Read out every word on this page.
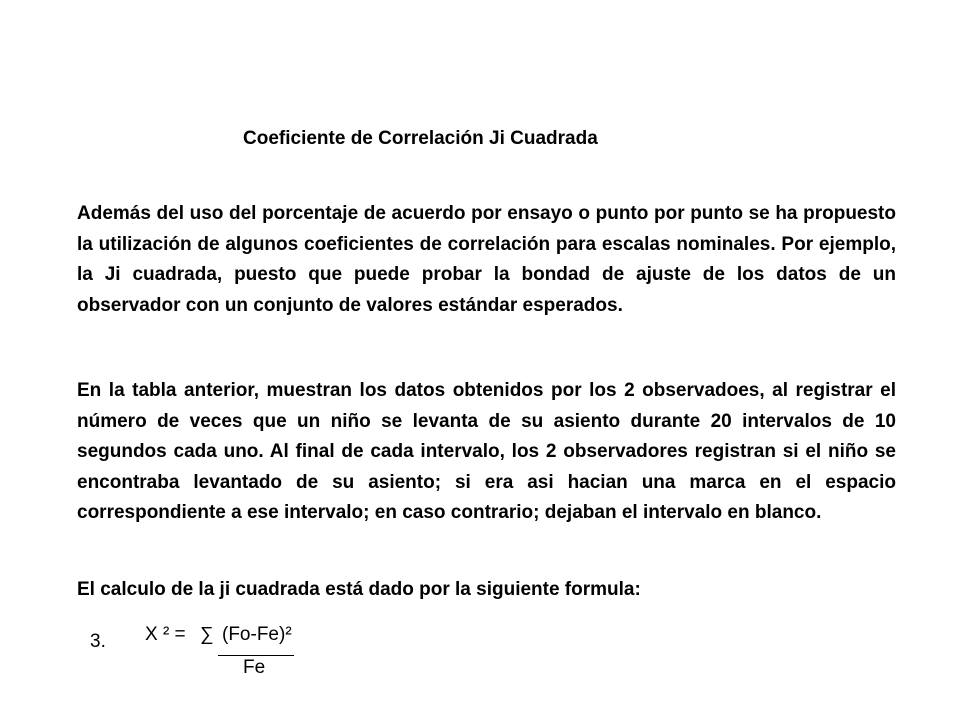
Coeficiente de Correlación Ji Cuadrada

Además del uso del porcentaje de acuerdo por ensayo o punto por punto se ha propuesto la utilización de algunos coeficientes de correlación para escalas nominales. Por ejemplo, la Ji cuadrada, puesto que puede probar la bondad de ajuste de los datos de un observador con un conjunto de valores estándar esperados.

En la tabla anterior, muestran los datos obtenidos por los 2 observadoes, al registrar el número de veces que un niño se levanta de su asiento durante 20 intervalos de 10 segundos cada uno. Al final de cada intervalo, los 2 observadores registran si el niño se encontraba levantado de su asiento; si era asi hacian una marca en el espacio correspondiente a ese intervalo; en caso contrario; dejaban el intervalo en blanco.

El calculo de la ji cuadrada está dado por la siguiente formula:

3. X ² = ∑ (Fo-Fe)²
Fe
